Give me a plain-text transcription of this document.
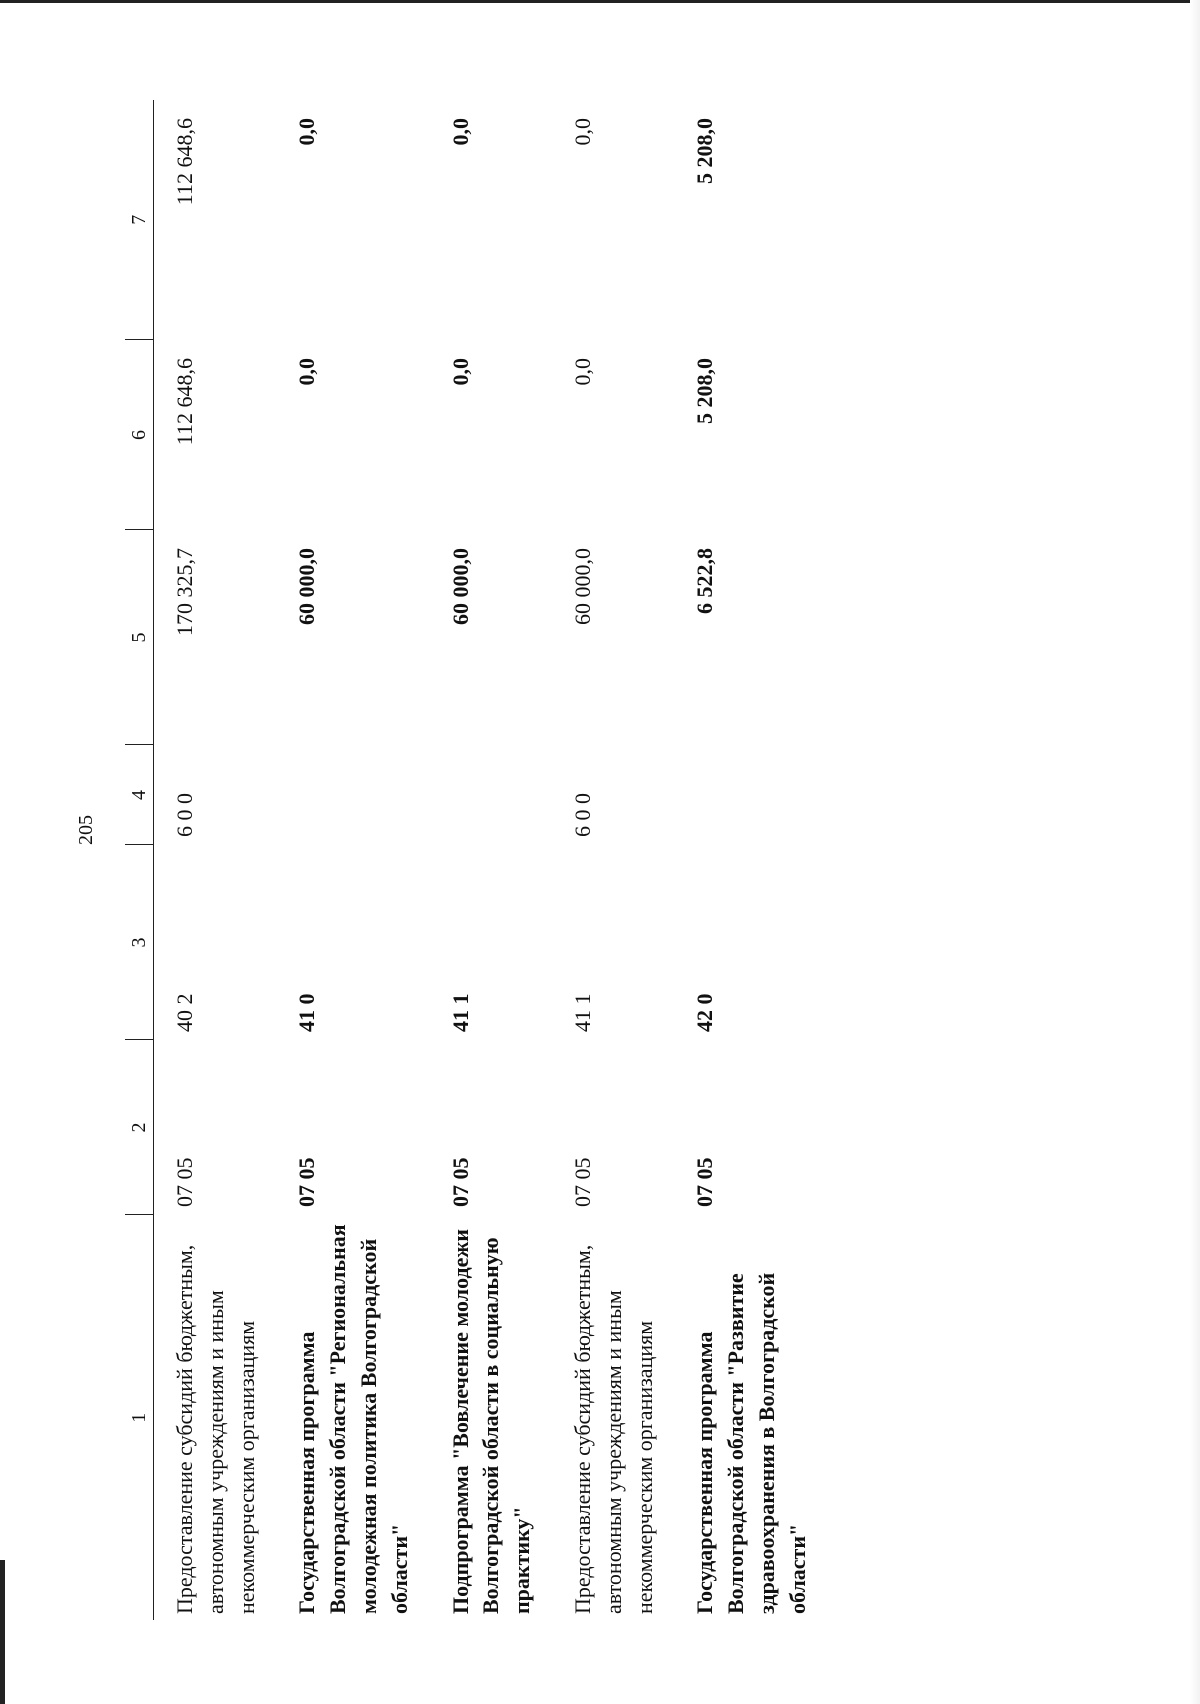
205
1	2	3	4	5	6	7
Предоставление субсидий бюджетным, автономным учреждениям и иным некоммерческим организациям	07 05	40 2	6 0 0	170 325,7	112 648,6	112 648,6
Государственная программа Волгоградской области "Региональная молодежная политика Волгоградской области"	07 05	41 0		60 000,0	0,0	0,0
Подпрограмма "Вовлечение молодежи Волгоградской области в социальную практику"	07 05	41 1		60 000,0	0,0	0,0
Предоставление субсидий бюджетным, автономным учреждениям и иным некоммерческим организациям	07 05	41 1	6 0 0	60 000,0	0,0	0,0
Государственная программа Волгоградской области "Развитие здравоохранения в Волгоградской области"	07 05	42 0		6 522,8	5 208,0	5 208,0
